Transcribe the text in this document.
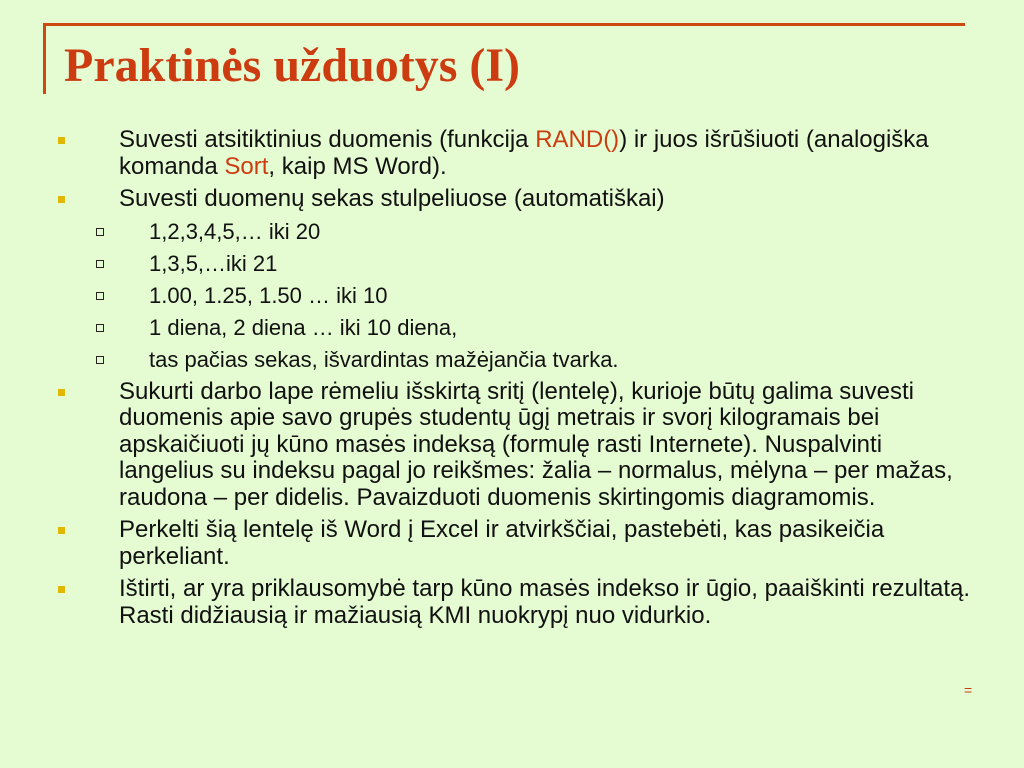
Praktinės užduotys (I)
Suvesti atsitiktinius duomenis (funkcija RAND()) ir juos išrūšiuoti (analogiška komanda Sort, kaip MS Word).
Suvesti duomenų sekas stulpeliuose (automatiškai)
1,2,3,4,5,… iki 20
1,3,5,…iki 21
1.00, 1.25, 1.50 … iki 10
1 diena, 2 diena … iki 10 diena,
tas pačias sekas, išvardintas mažėjančia tvarka.
Sukurti darbo lape rėmeliu išskirtą sritį (lentelę), kurioje būtų galima suvesti duomenis apie savo grupės studentų ūgį metrais ir svorį kilogramais bei apskaičiuoti jų kūno masės indeksą (formulę rasti Internete). Nuspalvinti langelius su indeksu pagal jo reikšmes: žalia – normalus, mėlyna – per mažas, raudona – per didelis. Pavaizduoti duomenis skirtingomis diagramomis.
Perkelti šią lentelę iš Word į Excel ir atvirkščiai, pastebėti, kas pasikeičia perkeliant.
Ištirti, ar yra priklausomybė tarp kūno masės indekso ir ūgio, paaiškinti rezultatą. Rasti didžiausią ir mažiausią KMI nuokrypį nuo vidurkio.
=
